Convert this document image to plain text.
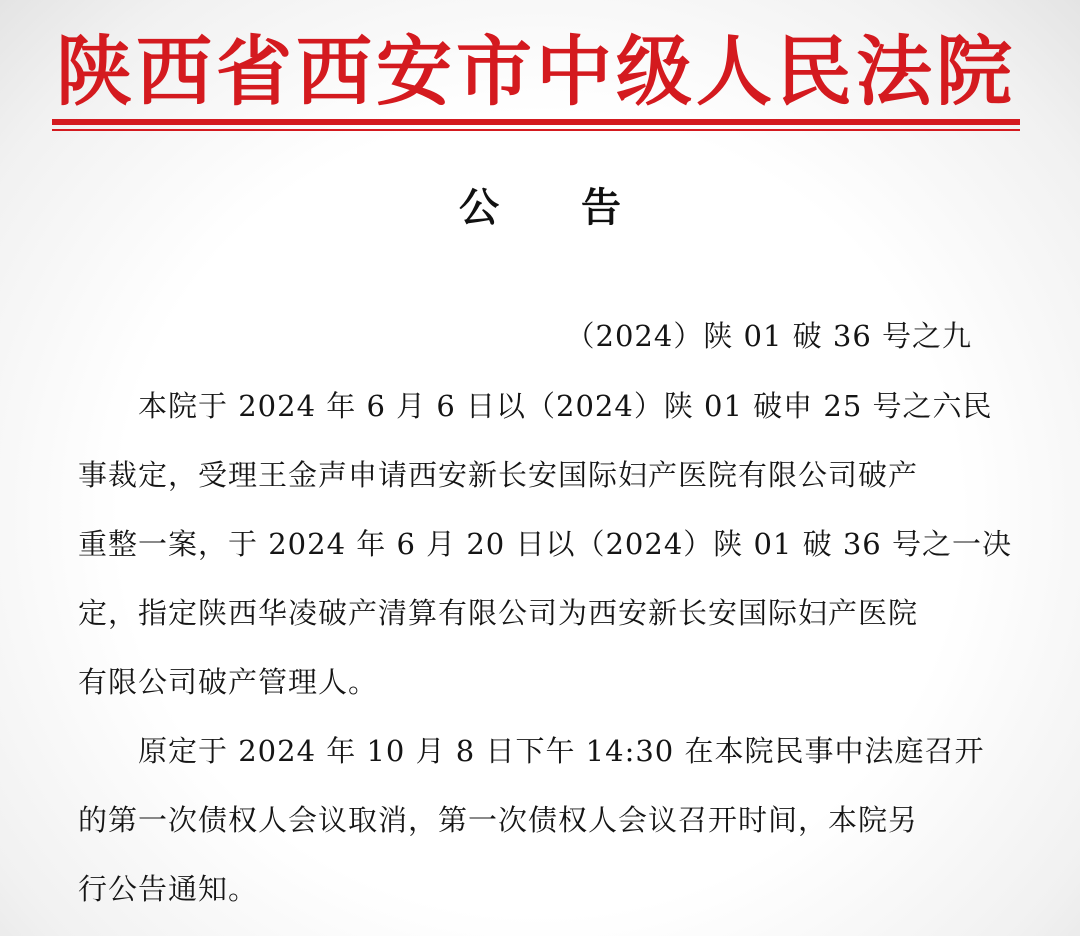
陕西省西安市中级人民法院
公告
（2024）陕 01 破 36 号之九
本院于 2024 年 6 月 6 日以（2024）陕 01 破申 25 号之六民
事裁定，受理王金声申请西安新长安国际妇产医院有限公司破产
重整一案，于 2024 年 6 月 20 日以（2024）陕 01 破 36 号之一决
定，指定陕西华凌破产清算有限公司为西安新长安国际妇产医院
有限公司破产管理人。
原定于 2024 年 10 月 8 日下午 14:30 在本院民事中法庭召开
的第一次债权人会议取消，第一次债权人会议召开时间，本院另
行公告通知。
